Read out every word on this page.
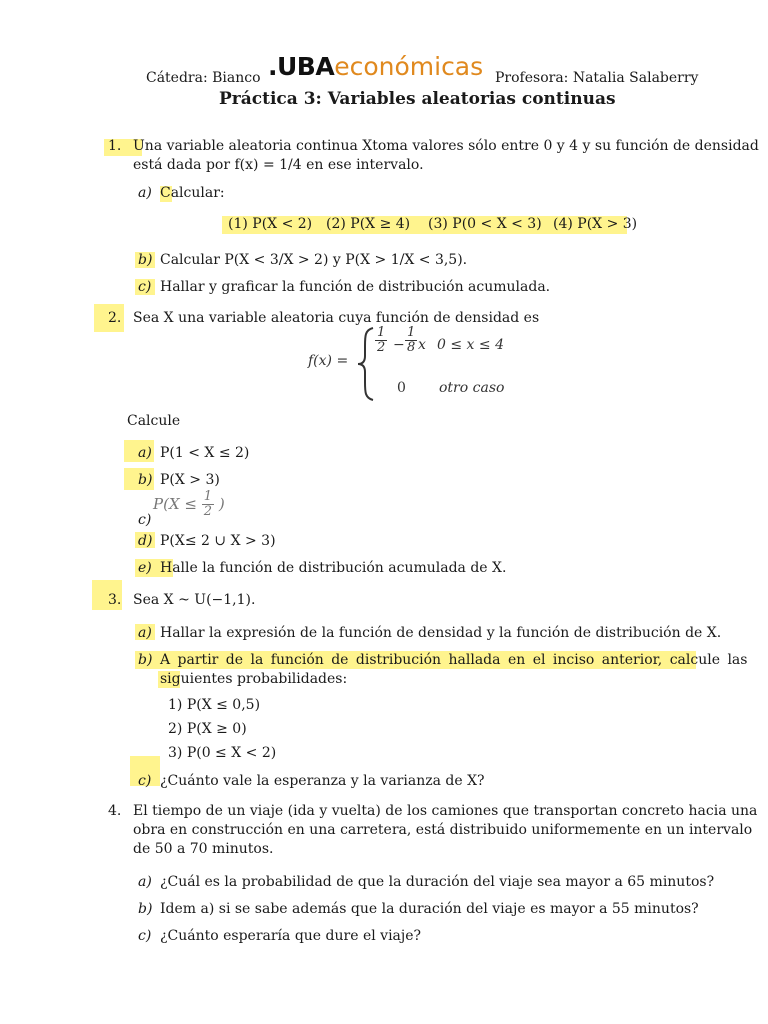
Cátedra: Bianco .UBAeconómicas Profesora: Natalia Salaberry
Práctica 3: Variables aleatorias continuas
1. Una variable aleatoria continua Xtoma valores sólo entre 0 y 4 y su función de densidad
está dada por f(x) = 1/4 en ese intervalo.
a) Calcular:
(1) P(X < 2) (2) P(X ≥ 4) (3) P(0 < X < 3) (4) P(X > 3)
b) Calcular P(X < 3/X > 2) y P(X > 1/X < 3,5).
c) Hallar y graficar la función de distribución acumulada.
2. Sea X una variable aleatoria cuya función de densidad es
f(x) =
$\frac{1}{2} - \frac{1}{8}$ x 0 ≤ x ≤ 4
0 otro caso
Calcule
a) P(1 < X ≤ 2)
b) P(X > 3)
c)
$P(X \le \frac{1}{2}$ )
d) P(X≤ 2 ∪ X > 3)
e) Halle la función de distribución acumulada de X.
3. Sea X ~ U(−1,1).
a) Hallar la expresión de la función de densidad y la función de distribución de X.
b) A partir de la función de distribución hallada en el inciso anterior, calcule las
siguientes probabilidades:
1) P(X ≤ 0,5)
2) P(X ≥ 0)
3) P(0 ≤ X < 2)
c) ¿Cuánto vale la esperanza y la varianza de X?
4. El tiempo de un viaje (ida y vuelta) de los camiones que transportan concreto hacia una
obra en construcción en una carretera, está distribuido uniformemente en un intervalo
de 50 a 70 minutos.
a) ¿Cuál es la probabilidad de que la duración del viaje sea mayor a 65 minutos?
b) Idem a) si se sabe además que la duración del viaje es mayor a 55 minutos?
c) ¿Cuánto esperaría que dure el viaje?
